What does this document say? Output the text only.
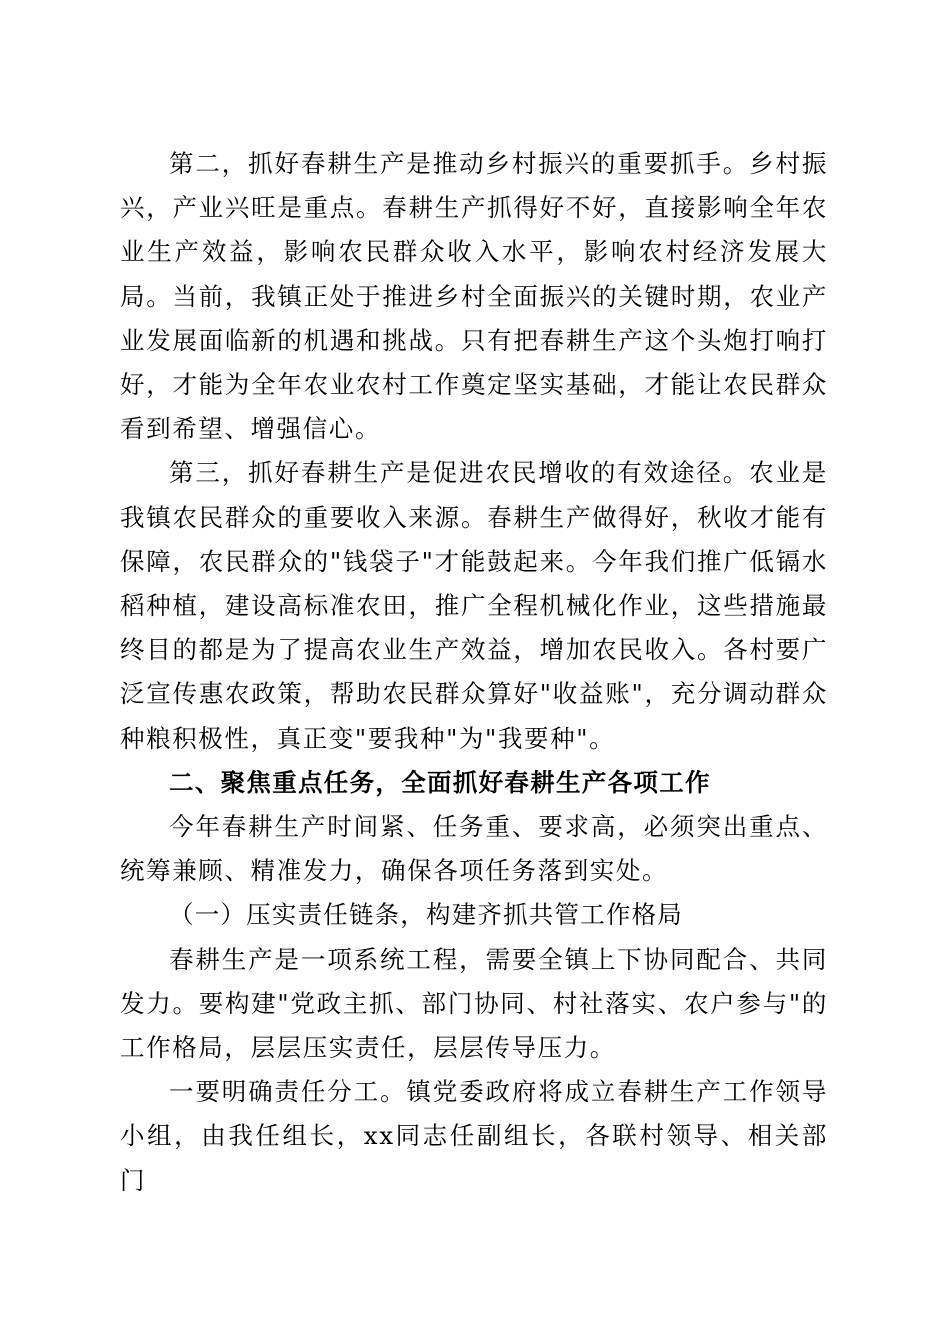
第二，抓好春耕生产是推动乡村振兴的重要抓手。乡村振兴，产业兴旺是重点。春耕生产抓得好不好，直接影响全年农业生产效益，影响农民群众收入水平，影响农村经济发展大局。当前，我镇正处于推进乡村全面振兴的关键时期，农业产业发展面临新的机遇和挑战。只有把春耕生产这个头炮打响打好，才能为全年农业农村工作奠定坚实基础，才能让农民群众看到希望、增强信心。

第三，抓好春耕生产是促进农民增收的有效途径。农业是我镇农民群众的重要收入来源。春耕生产做得好，秋收才能有保障，农民群众的"钱袋子"才能鼓起来。今年我们推广低镉水稻种植，建设高标准农田，推广全程机械化作业，这些措施最终目的都是为了提高农业生产效益，增加农民收入。各村要广泛宣传惠农政策，帮助农民群众算好"收益账"，充分调动群众种粮积极性，真正变"要我种"为"我要种"。

二、聚焦重点任务，全面抓好春耕生产各项工作

今年春耕生产时间紧、任务重、要求高，必须突出重点、统筹兼顾、精准发力，确保各项任务落到实处。

（一）压实责任链条，构建齐抓共管工作格局

春耕生产是一项系统工程，需要全镇上下协同配合、共同发力。要构建"党政主抓、部门协同、村社落实、农户参与"的工作格局，层层压实责任，层层传导压力。

一要明确责任分工。镇党委政府将成立春耕生产工作领导小组，由我任组长，xx同志任副组长，各联村领导、相关部门
